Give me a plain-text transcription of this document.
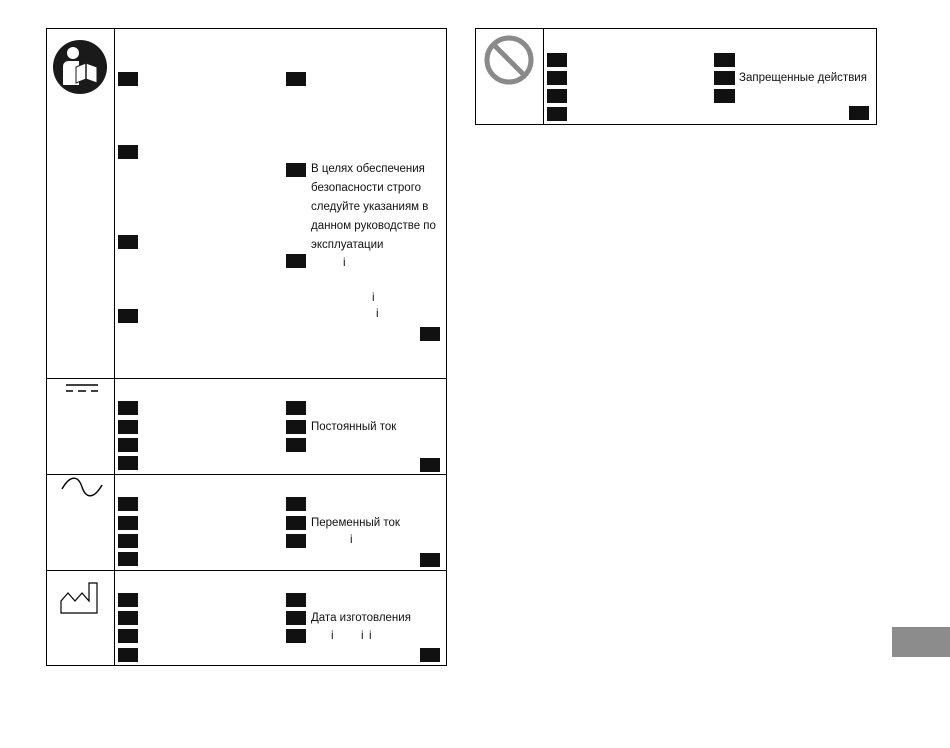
В целях обеспечения безопасности строго следуйте указаниям в данном руководстве по эксплуатации
і
і
і
Постоянный ток
Переменный ток
і
Дата изготовления
і і і
Запрещенные действия
